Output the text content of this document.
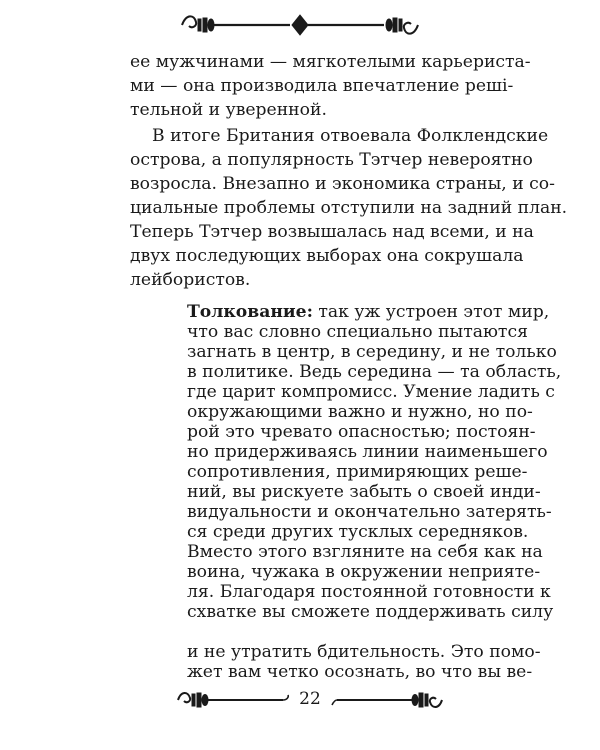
ее мужчинами — мягкотелыми карьериста-
ми — она производила впечатление решi-
тельной и уверенной.
В итоге Британия отвоевала Фолклендские
острова, а популярность Тэтчер невероятно
возросла. Внезапно и экономика страны, и со-
циальные проблемы отступили на задний план.
Теперь Тэтчер возвышалась над всеми, и на
двух последующих выборах она сокрушала
лейбористов.
Толкование: так уж устроен этот мир,
что вас словно специально пытаются
загнать в центр, в середину, и не только
в политике. Ведь середина — та область,
где царит компромисс. Умение ладить с
окружающими важно и нужно, но по-
рой это чревато опасностью; постоян-
но придерживаясь линии наименьшего
сопротивления, примиряющих реше-
ний, вы рискуете забыть о своей инди-
видуальности и окончательно затерять-
ся среди других тусклых середняков.
Вместо этого взгляните на себя как на
воина, чужака в окружении неприяте-
ля. Благодаря постоянной готовности к
схватке вы сможете поддерживать силу
22
и не утратить бдительность. Это помо-
жет вам четко осознать, во что вы ве-
